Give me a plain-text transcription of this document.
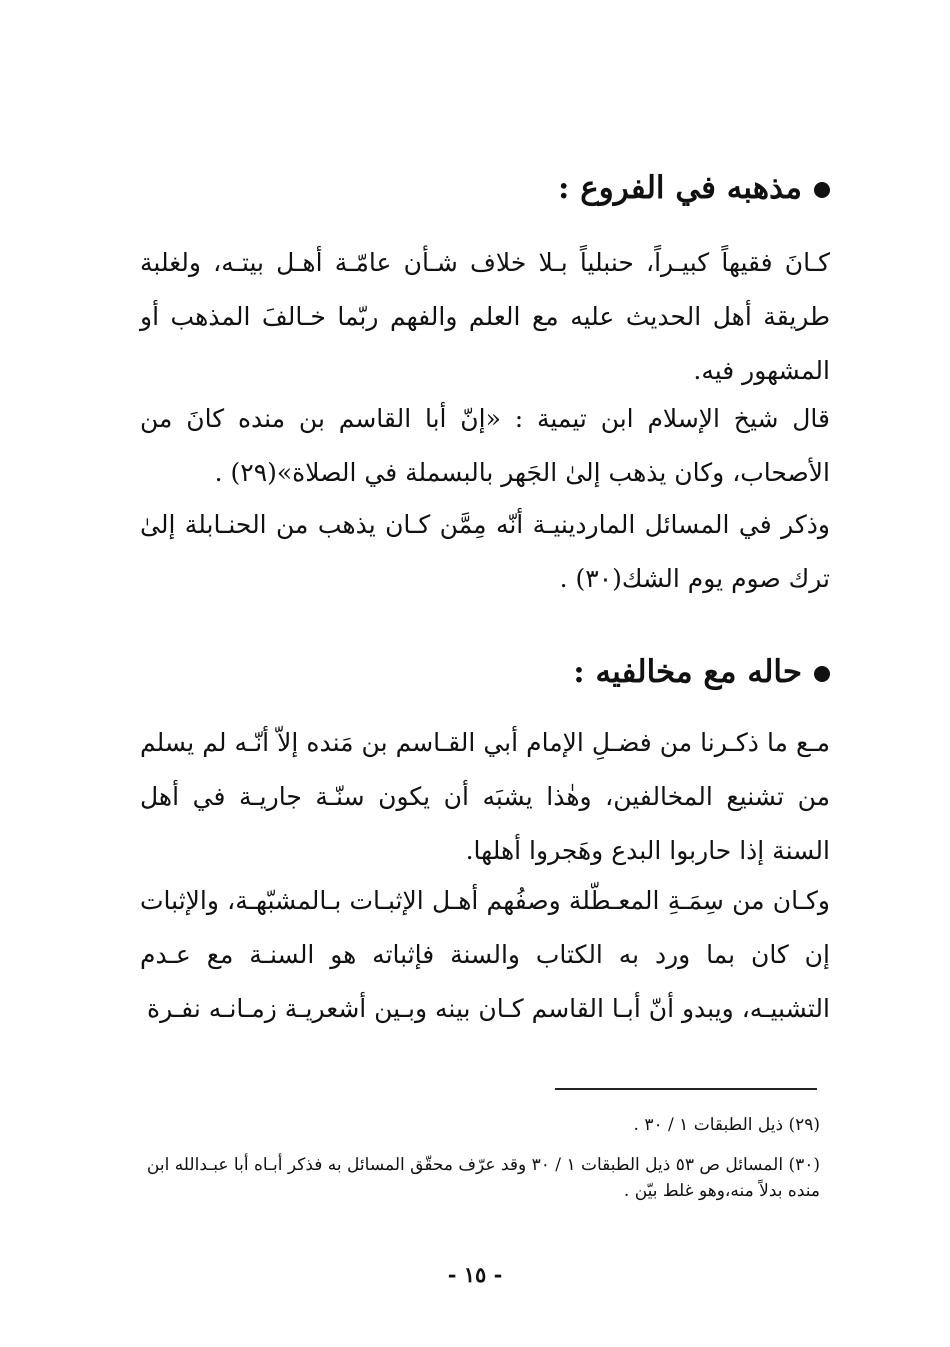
مذهبه في الفروع :

كـانَ فقيهاً كبيـراً، حنبلياً بـلا خلاف شـأن عامّـة أهـل بيتـه، ولغلبة طريقة أهل الحديث عليه مع العلم والفهم ربّما خـالفَ المذهب أو المشهور فيه.

قال شيخ الإسلام ابن تيمية : «إنّ أبا القاسم بن منده كانَ من الأصحاب، وكان يذهب إلىٰ الجَهر بالبسملة في الصلاة»(٢٩) .

وذكر في المسائل الماردينيـة أنّه مِمَّن كـان يذهب من الحنـابلة إلىٰ ترك صوم يوم الشك(٣٠) .

حاله مع مخالفيه :

مـع ما ذكـرنا من فضـلِ الإمام أبي القـاسم بن مَنده إلاّ أنّـه لم يسلم من تشنيع المخالفين، وهٰذا يشبَه أن يكون سنّـة جاريـة في أهل السنة إذا حاربوا البدع وهَجروا أهلها.

وكـان من سِمَـةِ المعـطّلة وصفُهم أهـل الإثبـات بـالمشبّهـة، والإثبات إن كان بما ورد به الكتاب والسنة فإثباته هو السنـة مع عـدم التشبيـه، ويبدو أنّ أبـا القاسم كـان بينه وبـين أشعريـة زمـانـه نفـرة

(٢٩) ذيل الطبقات ١ / ٣٠ .
(٣٠) المسائل ص ٥٣ ذيل الطبقات ١ / ٣٠ وقد عرّف محقّق المسائل به فذكر أبـاه أبا عبـدالله ابن منده بدلاً منه،وهو غلط بيّن .
- ١٥ -
